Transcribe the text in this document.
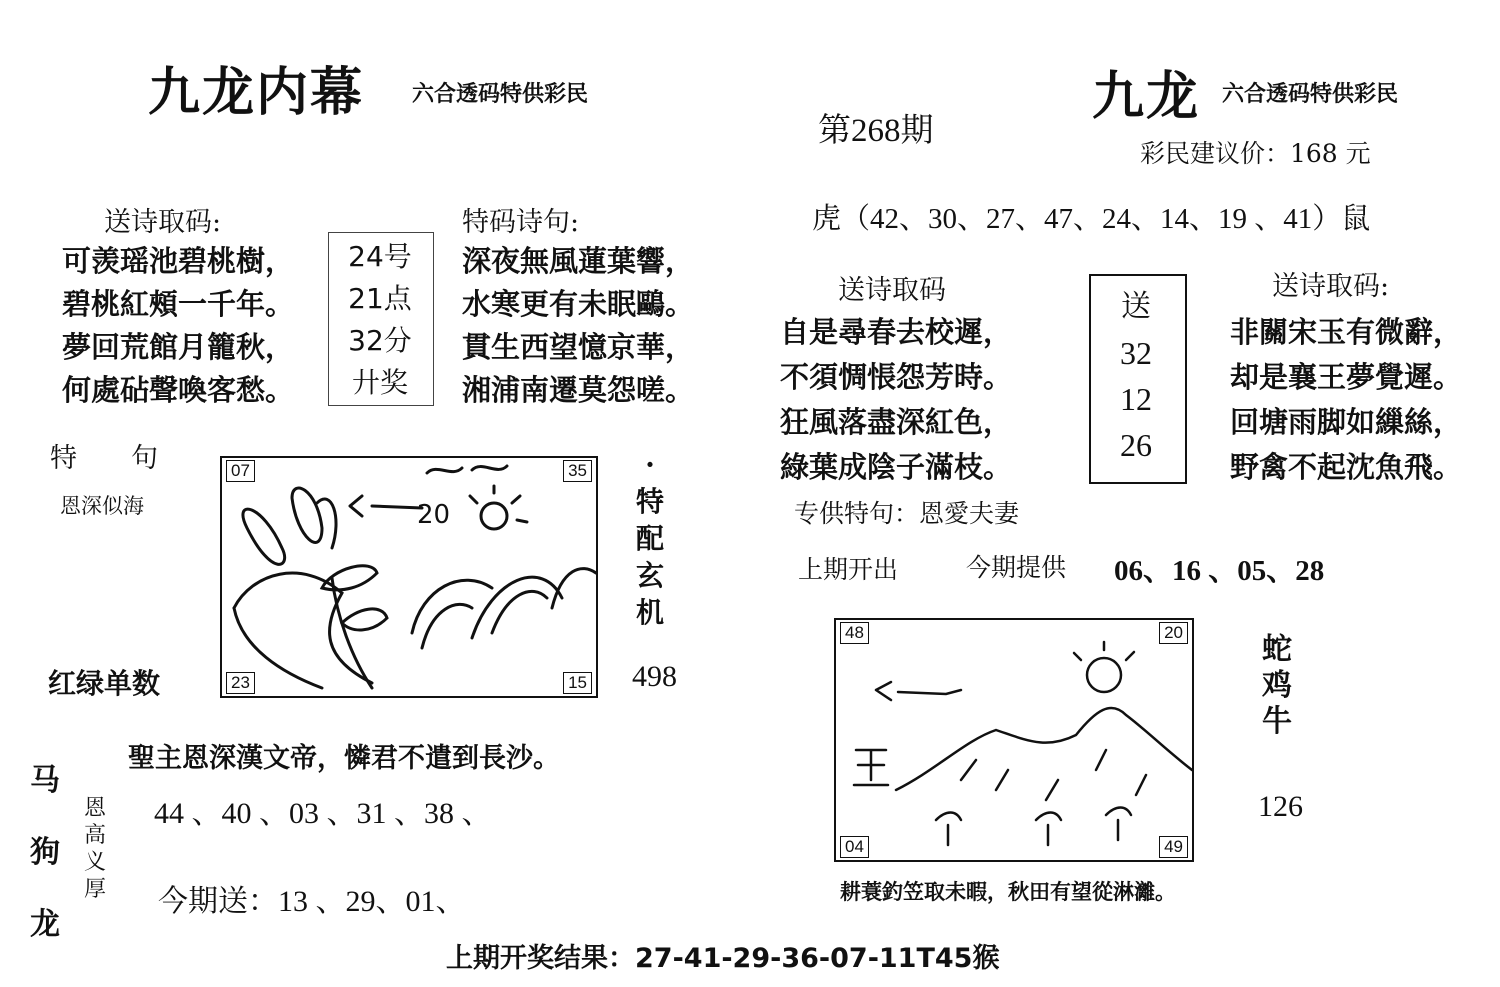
九龙内幕 六合透码特供彩民
送诗取码:
可羡瑶池碧桃樹，
碧桃紅頰一千年。
夢回荒館月籠秋，
何處砧聲喚客愁。
24号
21点
32分
廾奖
特码诗句:
深夜無風蓮葉響，
水寒更有未眠鷗。
貫生西望憶京華，
湘浦南遷莫怨嗟。
特　　句
恩深似海	20
07	35
23	15
·
特
配
玄
机
红绿单数	498
马
狗
龙
恩
高
义
厚
聖主恩深漢文帝，憐君不遣到長沙。
44 、40 、03 、31 、38 、
今期送：13 、29、01、
第268期
九龙 六合透码特供彩民
彩民建议价：168 元
虎（42、30、27、47、24、14、19 、41）鼠
送诗取码
自是尋春去校遲，
不須惆悵怨芳時。
狂風落盡深紅色，
綠葉成陰子滿枝。
送
32
12
26
送诗取码:
非關宋玉有微辭，
却是襄王夢覺遲。
回塘雨脚如繅絲，
野禽不起沈魚飛。
专供特句：恩愛夫妻
上期开出	今期提供 06、16 、05、28
48	20
04	49
蛇
鸡
牛
126
耕蓑釣笠取未暇，秋田有望從淋灕。
上期开奖结果：27-41-29-36-07-11T45猴
